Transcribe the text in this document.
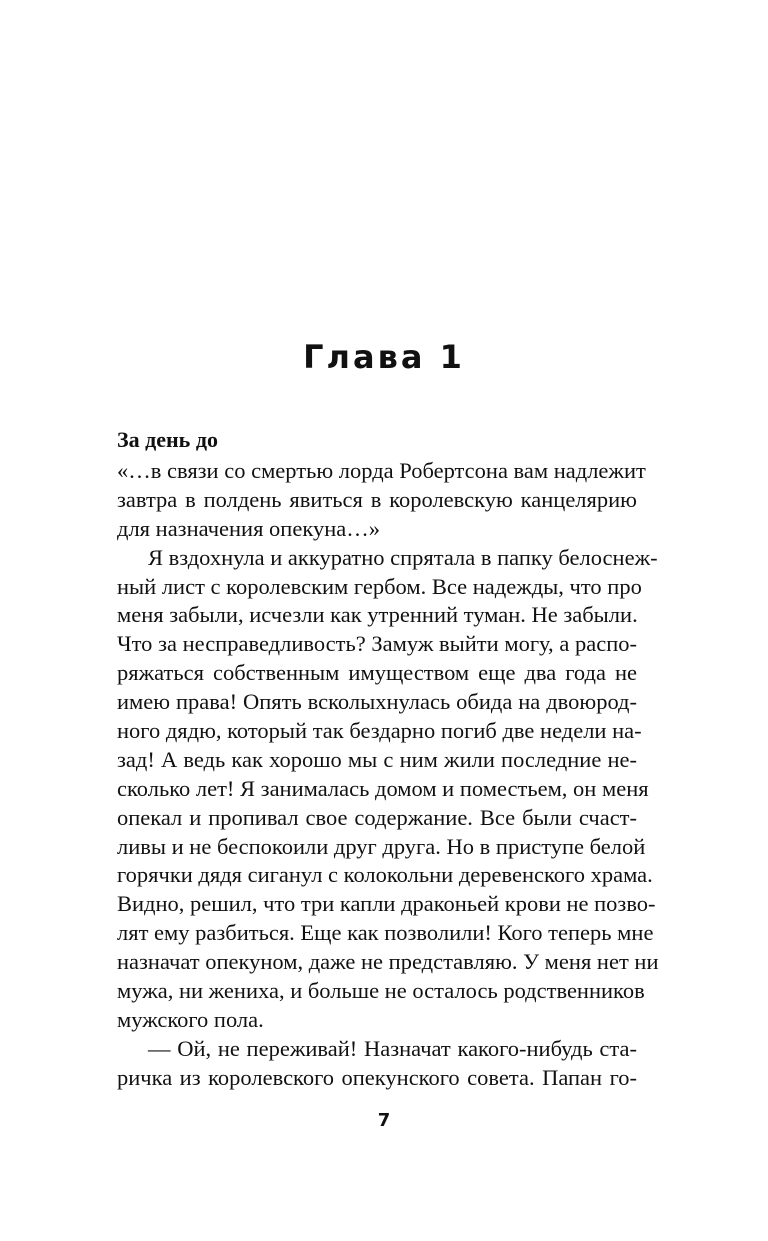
Глава 1
За день до
«…в связи со смертью лорда Робертсона вам надлежит
завтра в полдень явиться в королевскую канцелярию
для назначения опекуна…»
Я вздохнула и аккуратно спрятала в папку белоснеж-
ный лист с королевским гербом. Все надежды, что про
меня забыли, исчезли как утренний туман. Не забыли.
Что за несправедливость? Замуж выйти могу, а распо-
ряжаться собственным имуществом еще два года не
имею права! Опять всколыхнулась обида на двоюрод-
ного дядю, который так бездарно погиб две недели на-
зад! А ведь как хорошо мы с ним жили последние не-
сколько лет! Я занималась домом и поместьем, он меня
опекал и пропивал свое содержание. Все были счаст-
ливы и не беспокоили друг друга. Но в приступе белой
горячки дядя сиганул с колокольни деревенского храма.
Видно, решил, что три капли драконьей крови не позво-
лят ему разбиться. Еще как позволили! Кого теперь мне
назначат опекуном, даже не представляю. У меня нет ни
мужа, ни жениха, и больше не осталось родственников
мужского пола.
— Ой, не переживай! Назначат какого-нибудь ста-
ричка из королевского опекунского совета. Папан го-
7
